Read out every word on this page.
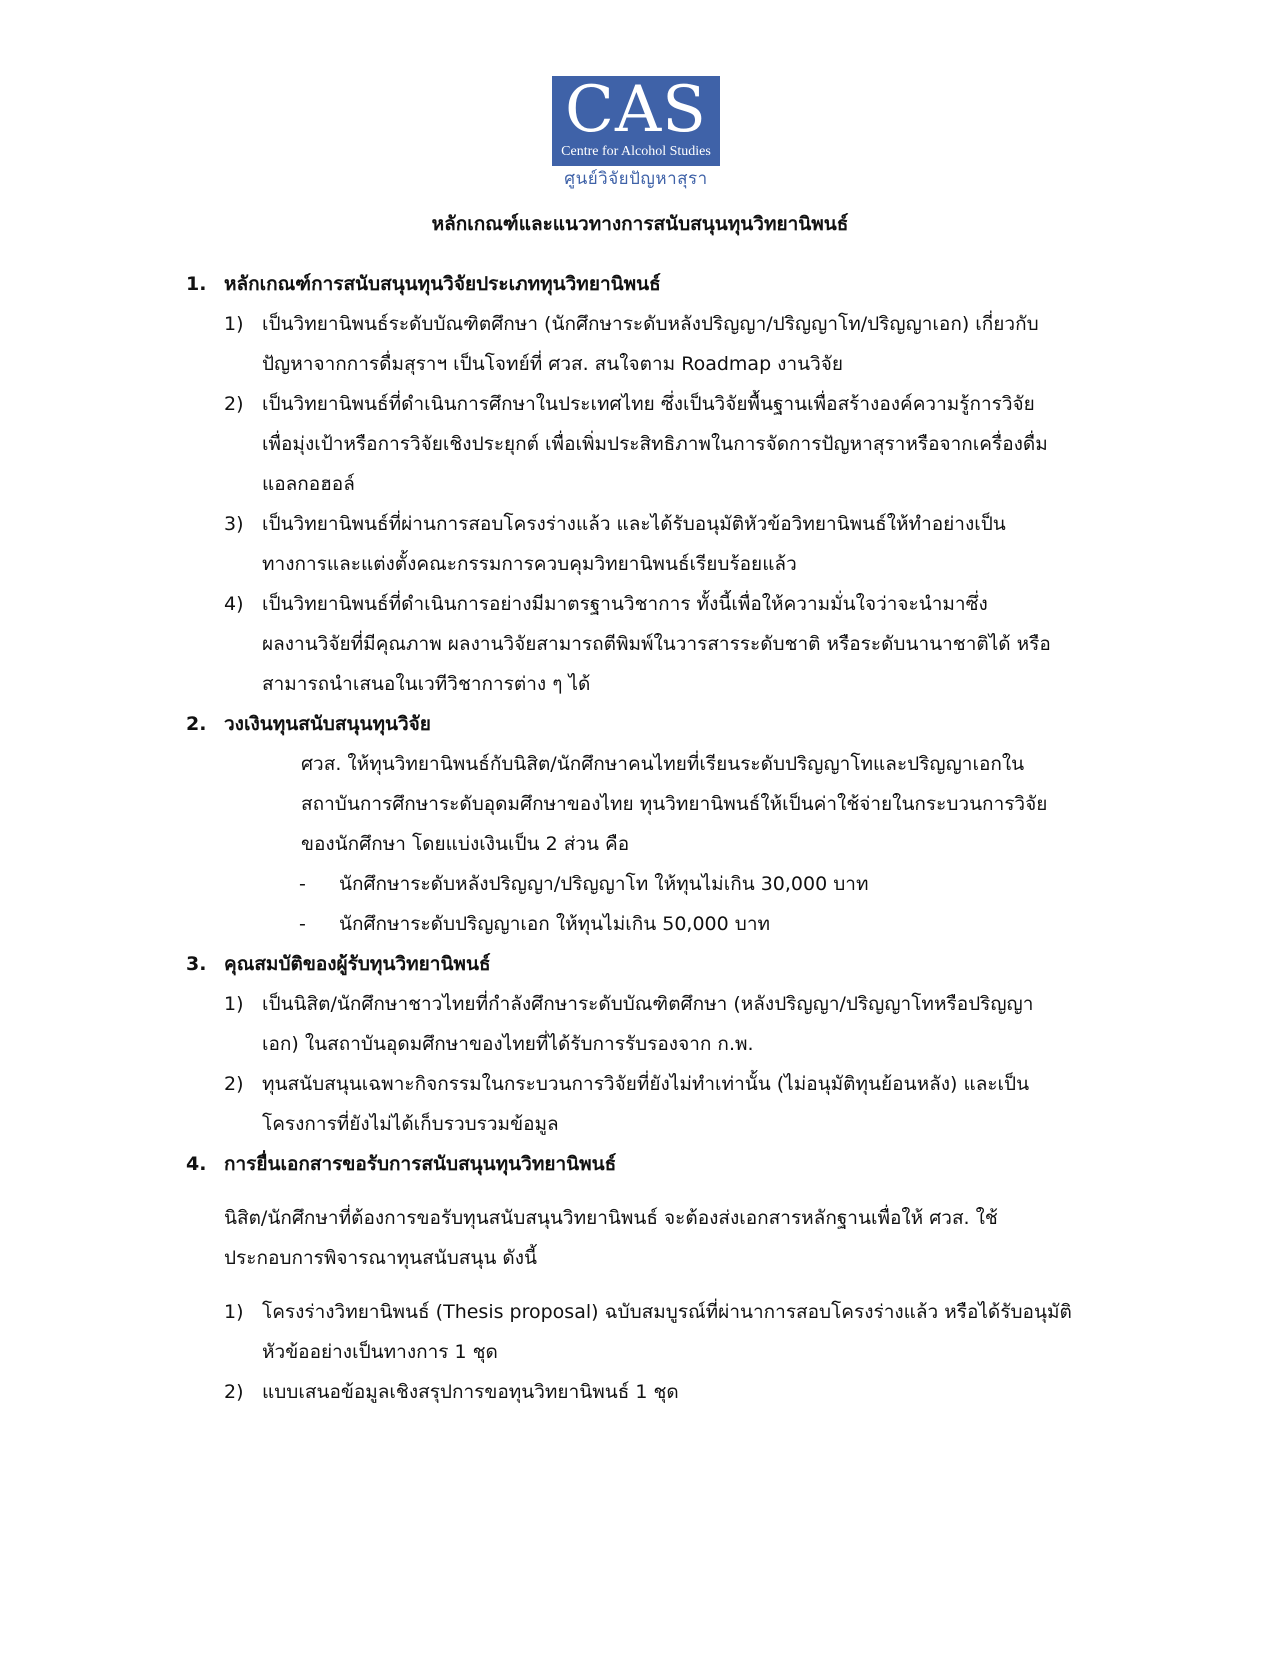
CAS
Centre for Alcohol Studies
ศูนย์วิจัยปัญหาสุรา
หลักเกณฑ์และแนวทางการสนับสนุนทุนวิทยานิพนธ์
1. หลักเกณฑ์การสนับสนุนทุนวิจัยประเภททุนวิทยานิพนธ์
1) เป็นวิทยานิพนธ์ระดับบัณฑิตศึกษา (นักศึกษาระดับหลังปริญญา/ปริญญาโท/ปริญญาเอก) เกี่ยวกับ
ปัญหาจากการดื่มสุราฯ เป็นโจทย์ที่ ศวส. สนใจตาม Roadmap งานวิจัย
2) เป็นวิทยานิพนธ์ที่ดำเนินการศึกษาในประเทศไทย ซึ่งเป็นวิจัยพื้นฐานเพื่อสร้างองค์ความรู้การวิจัย
เพื่อมุ่งเป้าหรือการวิจัยเชิงประยุกต์ เพื่อเพิ่มประสิทธิภาพในการจัดการปัญหาสุราหรือจากเครื่องดื่ม
แอลกอฮอล์
3) เป็นวิทยานิพนธ์ที่ผ่านการสอบโครงร่างแล้ว และได้รับอนุมัติหัวข้อวิทยานิพนธ์ให้ทำอย่างเป็น
ทางการและแต่งตั้งคณะกรรมการควบคุมวิทยานิพนธ์เรียบร้อยแล้ว
4) เป็นวิทยานิพนธ์ที่ดำเนินการอย่างมีมาตรฐานวิชาการ ทั้งนี้เพื่อให้ความมั่นใจว่าจะนำมาซึ่ง
ผลงานวิจัยที่มีคุณภาพ ผลงานวิจัยสามารถตีพิมพ์ในวารสารระดับชาติ หรือระดับนานาชาติได้ หรือ
สามารถนำเสนอในเวทีวิชาการต่าง ๆ ได้
2. วงเงินทุนสนับสนุนทุนวิจัย
ศวส. ให้ทุนวิทยานิพนธ์กับนิสิต/นักศึกษาคนไทยที่เรียนระดับปริญญาโทและปริญญาเอกใน
สถาบันการศึกษาระดับอุดมศึกษาของไทย ทุนวิทยานิพนธ์ให้เป็นค่าใช้จ่ายในกระบวนการวิจัย
ของนักศึกษา โดยแบ่งเงินเป็น 2 ส่วน คือ
- นักศึกษาระดับหลังปริญญา/ปริญญาโท ให้ทุนไม่เกิน 30,000 บาท
- นักศึกษาระดับปริญญาเอก ให้ทุนไม่เกิน 50,000 บาท
3. คุณสมบัติของผู้รับทุนวิทยานิพนธ์
1) เป็นนิสิต/นักศึกษาชาวไทยที่กำลังศึกษาระดับบัณฑิตศึกษา (หลังปริญญา/ปริญญาโทหรือปริญญา
เอก) ในสถาบันอุดมศึกษาของไทยที่ได้รับการรับรองจาก ก.พ.
2) ทุนสนับสนุนเฉพาะกิจกรรมในกระบวนการวิจัยที่ยังไม่ทำเท่านั้น (ไม่อนุมัติทุนย้อนหลัง) และเป็น
โครงการที่ยังไม่ได้เก็บรวบรวมข้อมูล
4. การยื่นเอกสารขอรับการสนับสนุนทุนวิทยานิพนธ์
นิสิต/นักศึกษาที่ต้องการขอรับทุนสนับสนุนวิทยานิพนธ์ จะต้องส่งเอกสารหลักฐานเพื่อให้ ศวส. ใช้
ประกอบการพิจารณาทุนสนับสนุน ดังนี้
1) โครงร่างวิทยานิพนธ์ (Thesis proposal) ฉบับสมบูรณ์ที่ผ่านาการสอบโครงร่างแล้ว หรือได้รับอนุมัติ
หัวข้ออย่างเป็นทางการ 1 ชุด
2) แบบเสนอข้อมูลเชิงสรุปการขอทุนวิทยานิพนธ์ 1 ชุด
